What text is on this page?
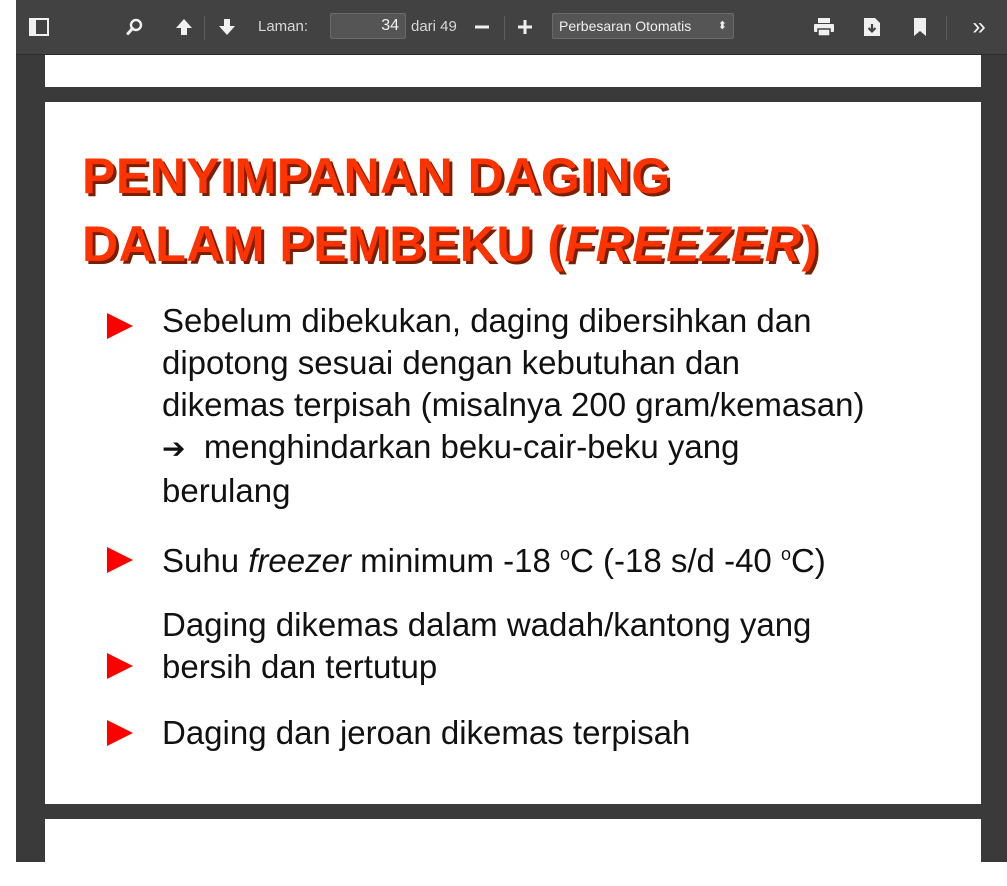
Laman:	34 dari 49	Perbesaran Otomatis ⬍	»
PENYIMPANAN DAGING
DALAM PEMBEKU (FREEZER)
Sebelum dibekukan, daging dibersihkan dan
dipotong sesuai dengan kebutuhan dan
dikemas terpisah (misalnya 200 gram/kemasan)
➔ menghindarkan beku-cair-beku yang
berulang
Suhu freezer minimum -18 $^o$C (-18 s/d -40 $^o$C)
Daging dikemas dalam wadah/kantong yang
bersih dan tertutup
Daging dan jeroan dikemas terpisah
